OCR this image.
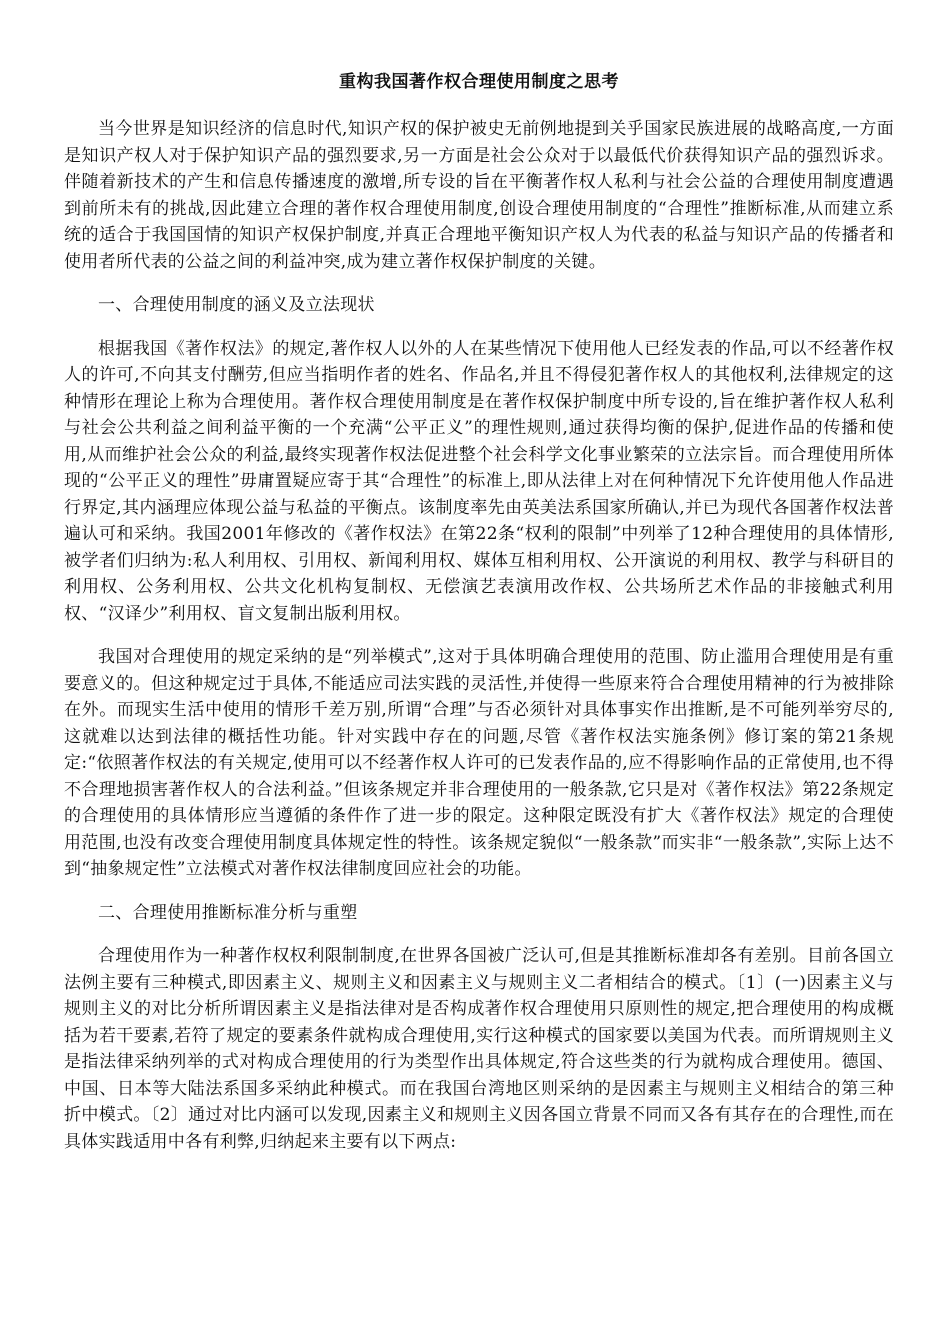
重构我国著作权合理使用制度之思考

当今世界是知识经济的信息时代,知识产权的保护被史无前例地提到关乎国家民族进展的战略高度,一方面是知识产权人对于保护知识产品的强烈要求,另一方面是社会公众对于以最低代价获得知识产品的强烈诉求。伴随着新技术的产生和信息传播速度的激增,所专设的旨在平衡著作权人私利与社会公益的合理使用制度遭遇到前所未有的挑战,因此建立合理的著作权合理使用制度,创设合理使用制度的“合理性”推断标准,从而建立系统的适合于我国国情的知识产权保护制度,并真正合理地平衡知识产权人为代表的私益与知识产品的传播者和使用者所代表的公益之间的利益冲突,成为建立著作权保护制度的关键。

一、合理使用制度的涵义及立法现状

根据我国《著作权法》的规定,著作权人以外的人在某些情况下使用他人已经发表的作品,可以不经著作权人的许可,不向其支付酬劳,但应当指明作者的姓名、作品名,并且不得侵犯著作权人的其他权利,法律规定的这种情形在理论上称为合理使用。著作权合理使用制度是在著作权保护制度中所专设的,旨在维护著作权人私利与社会公共利益之间利益平衡的一个充满“公平正义”的理性规则,通过获得均衡的保护,促进作品的传播和使用,从而维护社会公众的利益,最终实现著作权法促进整个社会科学文化事业繁荣的立法宗旨。而合理使用所体现的“公平正义的理性”毋庸置疑应寄于其“合理性”的标准上,即从法律上对在何种情况下允许使用他人作品进行界定,其内涵理应体现公益与私益的平衡点。该制度率先由英美法系国家所确认,并已为现代各国著作权法普遍认可和采纳。我国2001年修改的《著作权法》在第22条“权利的限制”中列举了12种合理使用的具体情形,被学者们归纳为:私人利用权、引用权、新闻利用权、媒体互相利用权、公开演说的利用权、教学与科研目的利用权、公务利用权、公共文化机构复制权、无偿演艺表演用改作权、公共场所艺术作品的非接触式利用权、“汉译少”利用权、盲文复制出版利用权。

我国对合理使用的规定采纳的是“列举模式”,这对于具体明确合理使用的范围、防止滥用合理使用是有重要意义的。但这种规定过于具体,不能适应司法实践的灵活性,并使得一些原来符合合理使用精神的行为被排除在外。而现实生活中使用的情形千差万别,所谓“合理”与否必须针对具体事实作出推断,是不可能列举穷尽的,这就难以达到法律的概括性功能。针对实践中存在的问题,尽管《著作权法实施条例》修订案的第21条规定:“依照著作权法的有关规定,使用可以不经著作权人许可的已发表作品的,应不得影响作品的正常使用,也不得不合理地损害著作权人的合法利益。”但该条规定并非合理使用的一般条款,它只是对《著作权法》第22条规定的合理使用的具体情形应当遵循的条件作了进一步的限定。这种限定既没有扩大《著作权法》规定的合理使用范围,也没有改变合理使用制度具体规定性的特性。该条规定貌似“一般条款”而实非“一般条款”,实际上达不到“抽象规定性”立法模式对著作权法律制度回应社会的功能。

二、合理使用推断标准分析与重塑

合理使用作为一种著作权权利限制制度,在世界各国被广泛认可,但是其推断标准却各有差别。目前各国立法例主要有三种模式,即因素主义、规则主义和因素主义与规则主义二者相结合的模式。〔1〕(一)因素主义与规则主义的对比分析所谓因素主义是指法律对是否构成著作权合理使用只原则性的规定,把合理使用的构成概括为若干要素,若符了规定的要素条件就构成合理使用,实行这种模式的国家要以美国为代表。而所谓规则主义是指法律采纳列举的式对构成合理使用的行为类型作出具体规定,符合这些类的行为就构成合理使用。德国、中国、日本等大陆法系国多采纳此种模式。而在我国台湾地区则采纳的是因素主与规则主义相结合的第三种折中模式。〔2〕通过对比内涵可以发现,因素主义和规则主义因各国立背景不同而又各有其存在的合理性,而在具体实践适用中各有利弊,归纳起来主要有以下两点:
